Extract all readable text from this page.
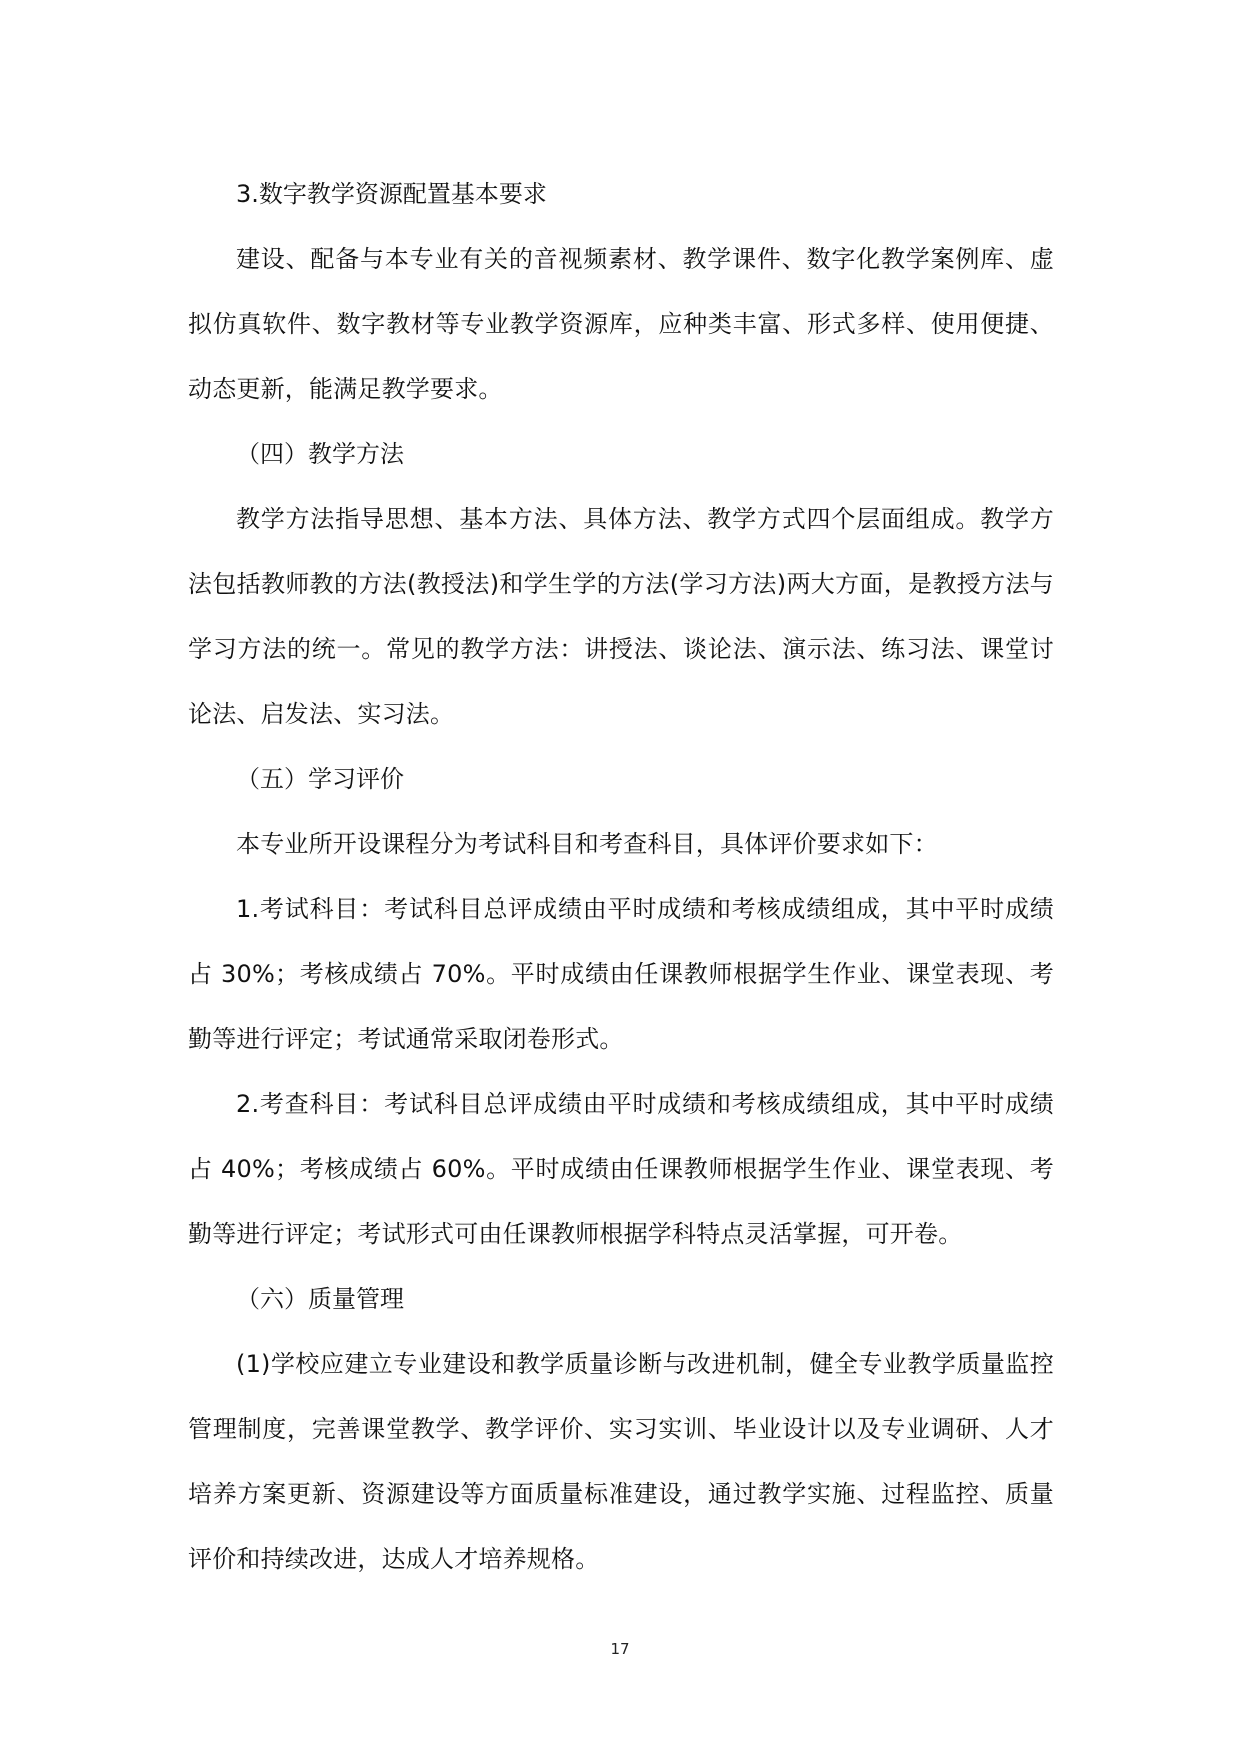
3.数字教学资源配置基本要求

建设、配备与本专业有关的音视频素材、教学课件、数字化教学案例库、虚拟仿真软件、数字教材等专业教学资源库，应种类丰富、形式多样、使用便捷、动态更新，能满足教学要求。

（四）教学方法

教学方法指导思想、基本方法、具体方法、教学方式四个层面组成。教学方法包括教师教的方法(教授法)和学生学的方法(学习方法)两大方面，是教授方法与学习方法的统一。常见的教学方法：讲授法、谈论法、演示法、练习法、课堂讨论法、启发法、实习法。

（五）学习评价

本专业所开设课程分为考试科目和考查科目，具体评价要求如下：

1.考试科目：考试科目总评成绩由平时成绩和考核成绩组成，其中平时成绩占 30%；考核成绩占 70%。平时成绩由任课教师根据学生作业、课堂表现、考勤等进行评定；考试通常采取闭卷形式。

2.考查科目：考试科目总评成绩由平时成绩和考核成绩组成，其中平时成绩占 40%；考核成绩占 60%。平时成绩由任课教师根据学生作业、课堂表现、考勤等进行评定；考试形式可由任课教师根据学科特点灵活掌握，可开卷。

（六）质量管理

(1)学校应建立专业建设和教学质量诊断与改进机制，健全专业教学质量监控管理制度，完善课堂教学、教学评价、实习实训、毕业设计以及专业调研、人才培养方案更新、资源建设等方面质量标准建设，通过教学实施、过程监控、质量评价和持续改进，达成人才培养规格。

17
